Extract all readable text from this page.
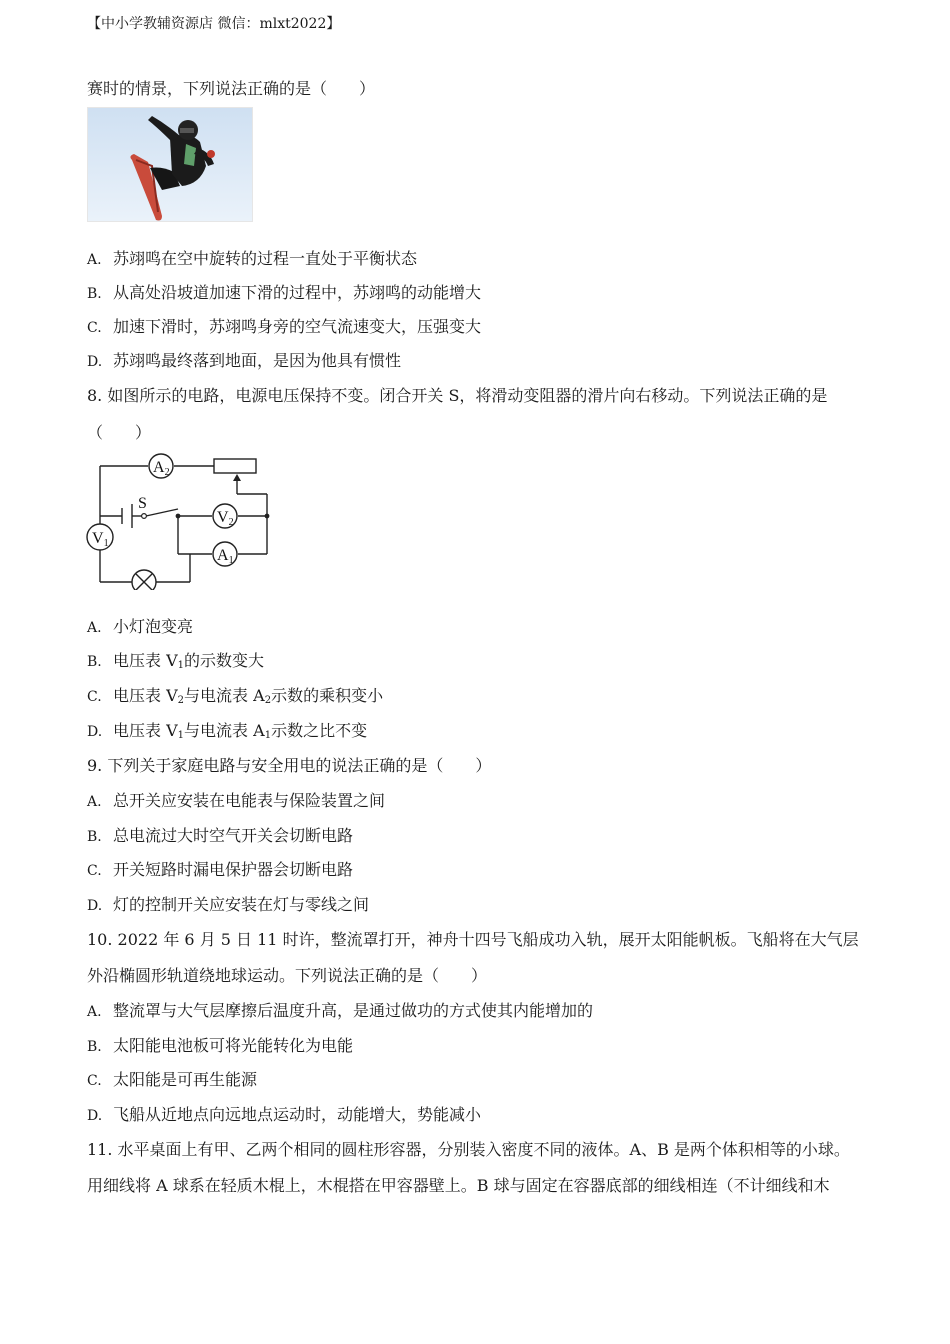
【中小学教辅资源店 微信：mlxt2022】
赛时的情景，下列说法正确的是（　　）
A. 苏翊鸣在空中旋转的过程一直处于平衡状态
B. 从高处沿坡道加速下滑的过程中，苏翊鸣的动能增大
C. 加速下滑时，苏翊鸣身旁的空气流速变大，压强变大
D. 苏翊鸣最终落到地面，是因为他具有惯性
8. 如图所示的电路，电源电压保持不变。闭合开关 S，将滑动变阻器的滑片向右移动。下列说法正确的是
（　　）
A2
V2
A1
V1
S
A. 小灯泡变亮
B. 电压表 $V_1$的示数变大
C. 电压表 $V_2$与电流表 $A_2$示数的乘积变小
D. 电压表 $V_1$与电流表 $A_1$示数之比不变
9. 下列关于家庭电路与安全用电的说法正确的是（　　）
A. 总开关应安装在电能表与保险装置之间
B. 总电流过大时空气开关会切断电路
C. 开关短路时漏电保护器会切断电路
D. 灯的控制开关应安装在灯与零线之间
10. 2022 年 6 月 5 日 11 时许，整流罩打开，神舟十四号飞船成功入轨，展开太阳能帆板。飞船将在大气层
外沿椭圆形轨道绕地球运动。下列说法正确的是（　　）
A. 整流罩与大气层摩擦后温度升高，是通过做功的方式使其内能增加的
B. 太阳能电池板可将光能转化为电能
C. 太阳能是可再生能源
D. 飞船从近地点向远地点运动时，动能增大，势能减小
11. 水平桌面上有甲、乙两个相同的圆柱形容器，分别装入密度不同的液体。A、B 是两个体积相等的小球。
用细线将 A 球系在轻质木棍上，木棍搭在甲容器壁上。B 球与固定在容器底部的细线相连（不计细线和木
